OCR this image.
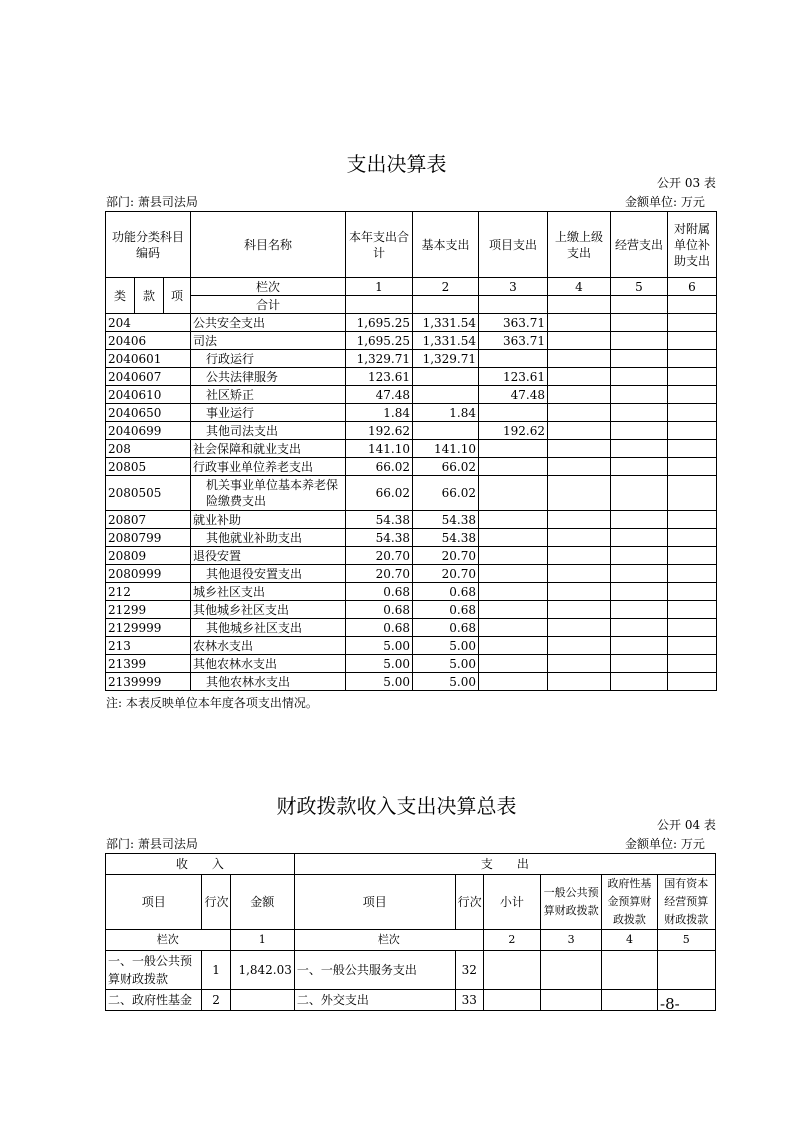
支出决算表
公开 03 表
部门: 萧县司法局	金额单位: 万元
功能分类科目编码			科目名称	本年支出合计	基本支出	项目支出	上缴上级支出	经营支出	对附属单位补助支出

类	款	项	栏次	1	2	3	4	5	6
			合计						
204			公共安全支出	1,695.25	1,331.54	363.71			
20406			司法	1,695.25	1,331.54	363.71			
2040601			行政运行	1,329.71	1,329.71				
2040607			公共法律服务	123.61		123.61			
2040610			社区矫正	47.48		47.48			
2040650			事业运行	1.84	1.84				
2040699			其他司法支出	192.62		192.62			
208			社会保障和就业支出	141.10	141.10				
20805			行政事业单位养老支出	66.02	66.02				
2080505			机关事业单位基本养老保险缴费支出	66.02	66.02				
20807			就业补助	54.38	54.38				
2080799			其他就业补助支出	54.38	54.38				
20809			退役安置	20.70	20.70				
2080999			其他退役安置支出	20.70	20.70				
212			城乡社区支出	0.68	0.68				
21299			其他城乡社区支出	0.68	0.68				
2129999			其他城乡社区支出	0.68	0.68				
213			农林水支出	5.00	5.00				
21399			其他农林水支出	5.00	5.00				
2139999			其他农林水支出	5.00	5.00				
注: 本表反映单位本年度各项支出情况。
财政拨款收入支出决算总表
公开 04 表
部门: 萧县司法局	金额单位: 万元
收　　入			支　　出					
项目	行次	金额	项目	行次	小计	一般公共预算财政拨款	政府性基金预算财政拨款	国有资本经营预算财政拨款
栏次		1	栏次		2	3	4	5
一、一般公共预算财政拨款	1	1,842.03	一、一般公共服务支出	32				
二、政府性基金	2		二、外交支出	33					-8-
